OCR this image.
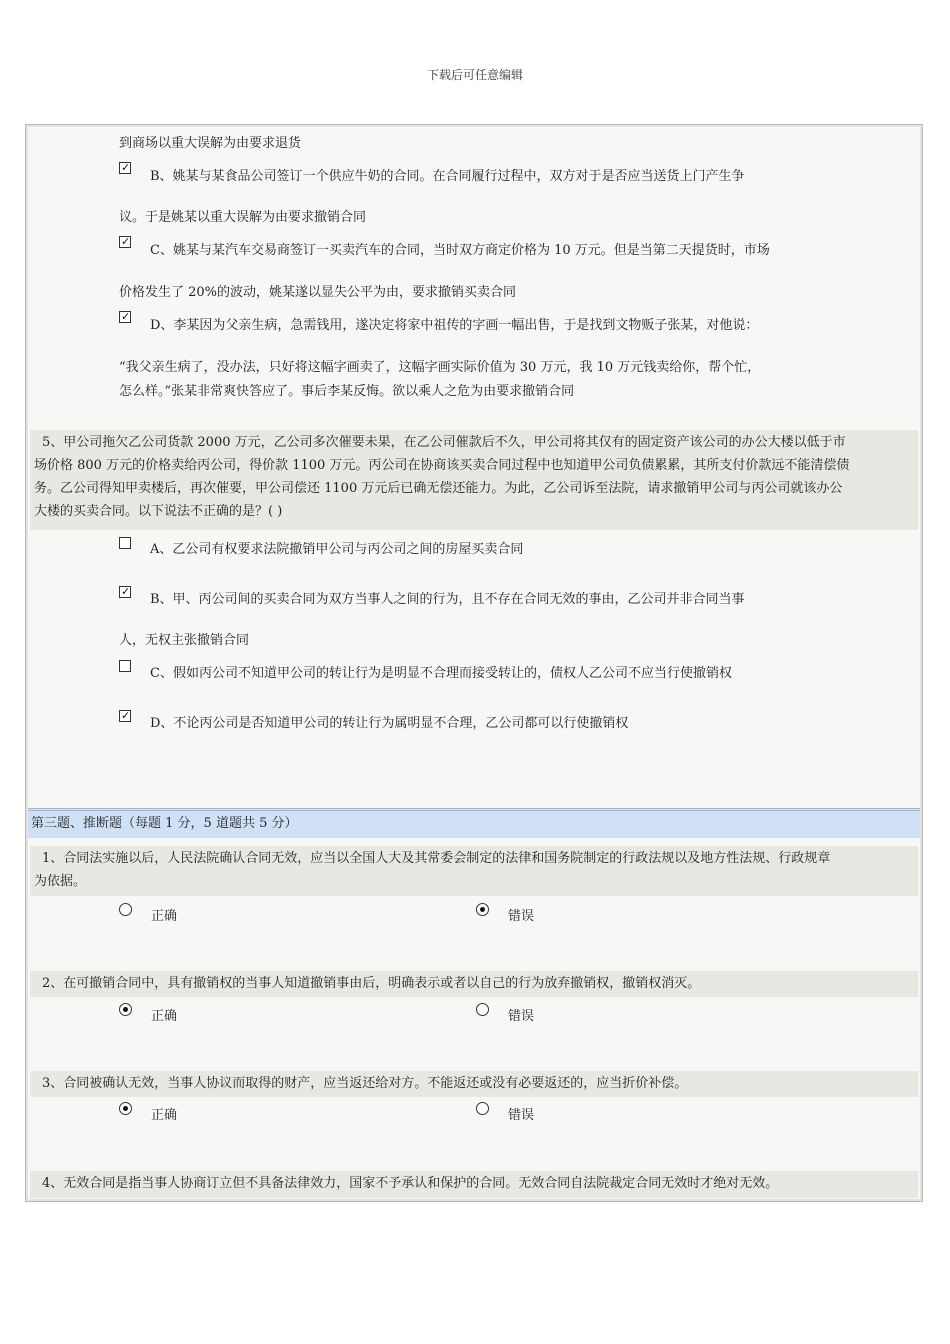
下载后可任意编辑
到商场以重大误解为由要求退货
✓
B、姚某与某食品公司签订一个供应牛奶的合同。在合同履行过程中，双方对于是否应当送货上门产生争
议。于是姚某以重大误解为由要求撤销合同
✓
C、姚某与某汽车交易商签订一买卖汽车的合同，当时双方商定价格为 10 万元。但是当第二天提货时，市场
价格发生了 20%的波动，姚某遂以显失公平为由，要求撤销买卖合同
✓
D、李某因为父亲生病，急需钱用，遂决定将家中祖传的字画一幅出售，于是找到文物贩子张某，对他说：
“我父亲生病了，没办法，只好将这幅字画卖了，这幅字画实际价值为 30 万元，我 10 万元钱卖给你，帮个忙，
怎么样。”张某非常爽快答应了。事后李某反悔。欲以乘人之危为由要求撤销合同
5、甲公司拖欠乙公司货款 2000 万元，乙公司多次催要未果，在乙公司催款后不久，甲公司将其仅有的固定资产该公司的办公大楼以低于市
场价格 800 万元的价格卖给丙公司，得价款 1100 万元。丙公司在协商该买卖合同过程中也知道甲公司负债累累，其所支付价款远不能清偿债
务。乙公司得知甲卖楼后，再次催要，甲公司偿还 1100 万元后已确无偿还能力。为此，乙公司诉至法院，请求撤销甲公司与丙公司就该办公
大楼的买卖合同。以下说法不正确的是？( )
A、乙公司有权要求法院撤销甲公司与丙公司之间的房屋买卖合同
✓
B、甲、丙公司间的买卖合同为双方当事人之间的行为，且不存在合同无效的事由，乙公司并非合同当事
人，无权主张撤销合同
C、假如丙公司不知道甲公司的转让行为是明显不合理而接受转让的，债权人乙公司不应当行使撤销权
✓
D、不论丙公司是否知道甲公司的转让行为属明显不合理，乙公司都可以行使撤销权
第三题、推断题（每题 1 分，5 道题共 5 分）
1、合同法实施以后，人民法院确认合同无效，应当以全国人大及其常委会制定的法律和国务院制定的行政法规以及地方性法规、行政规章
为依据。
正确	错误
2、在可撤销合同中，具有撤销权的当事人知道撤销事由后，明确表示或者以自己的行为放弃撤销权，撤销权消灭。
正确	错误
3、合同被确认无效，当事人协议而取得的财产，应当返还给对方。不能返还或没有必要返还的，应当折价补偿。
正确	错误
4、无效合同是指当事人协商订立但不具备法律效力，国家不予承认和保护的合同。无效合同自法院裁定合同无效时才绝对无效。
